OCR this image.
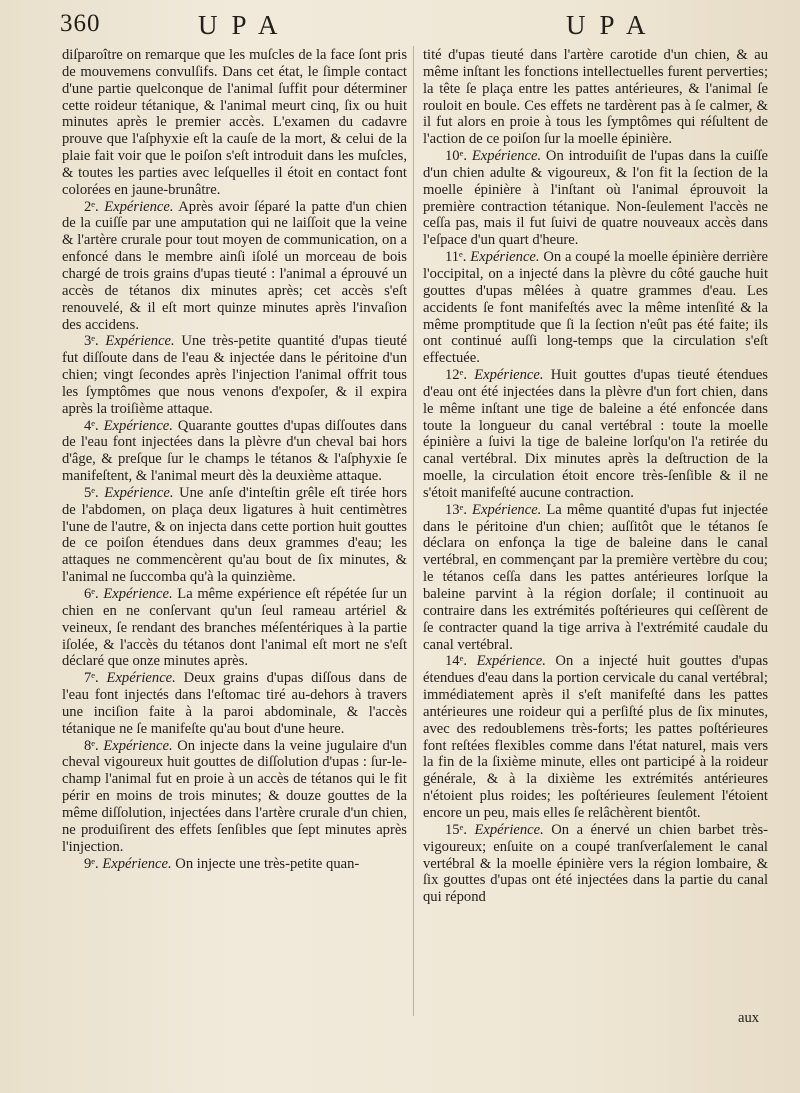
360	UPA	UPA

diſparoître on remarque que les muſcles de la face ſont pris de mouvemens convulſifs. Dans cet état, le ſimple contact d'une partie quelconque de l'animal ſuffit pour déterminer cette roideur tétanique, & l'animal meurt cinq, ſix ou huit minutes après le premier accès. L'examen du cadavre prouve que l'aſphyxie eſt la cauſe de la mort, & celui de la plaie fait voir que le poiſon s'eſt introduit dans les muſcles, & toutes les parties avec leſquelles il étoit en contact font colorées en jaune-brunâtre.

2ᵉ. Expérience. Après avoir ſéparé la patte d'un chien de la cuiſſe par une amputation qui ne laiſſoit que la veine & l'artère crurale pour tout moyen de communication, on a enfoncé dans le membre ainſi iſolé un morceau de bois chargé de trois grains d'upas tieuté : l'animal a éprouvé un accès de tétanos dix minutes après; cet accès s'eſt renouvelé, & il eſt mort quinze minutes après l'invaſion des accidens.

3ᵉ. Expérience. Une très-petite quantité d'upas tieuté fut diſſoute dans de l'eau & injectée dans le péritoine d'un chien; vingt ſecondes après l'injection l'animal offrit tous les ſymptômes que nous venons d'expoſer, & il expira après la troiſième attaque.

4ᵉ. Expérience. Quarante gouttes d'upas diſſoutes dans de l'eau font injectées dans la plèvre d'un cheval bai hors d'âge, & preſque ſur le champs le tétanos & l'aſphyxie ſe manifeſtent, & l'animal meurt dès la deuxième attaque.

5ᵉ. Expérience. Une anſe d'inteſtin grêle eſt tirée hors de l'abdomen, on plaça deux ligatures à huit centimètres l'une de l'autre, & on injecta dans cette portion huit gouttes de ce poiſon étendues dans deux grammes d'eau; les attaques ne commencèrent qu'au bout de ſix minutes, & l'animal ne ſuccomba qu'à la quinzième.

6ᵉ. Expérience. La même expérience eſt répétée ſur un chien en ne conſervant qu'un ſeul rameau artériel & veineux, ſe rendant des branches méſentériques à la partie iſolée, & l'accès du tétanos dont l'animal eſt mort ne s'eſt déclaré que onze minutes après.

7ᵉ. Expérience. Deux grains d'upas diſſous dans de l'eau font injectés dans l'eſtomac tiré au-dehors à travers une inciſion faite à la paroi abdominale, & l'accès tétanique ne ſe manifeſte qu'au bout d'une heure.

8ᵉ. Expérience. On injecte dans la veine jugulaire d'un cheval vigoureux huit gouttes de diſſolution d'upas : ſur-le-champ l'animal fut en proie à un accès de tétanos qui le fit périr en moins de trois minutes; & douze gouttes de la même diſſolution, injectées dans l'artère crurale d'un chien, ne produiſirent des effets ſenſibles que ſept minutes après l'injection.

9ᵉ. Expérience. On injecte une très-petite quan-

tité d'upas tieuté dans l'artère carotide d'un chien, & au même inſtant les fonctions intellectuelles furent perverties; la tête ſe plaça entre les pattes antérieures, & l'animal ſe rouloit en boule. Ces effets ne tardèrent pas à ſe calmer, & il fut alors en proie à tous les ſymptômes qui réſultent de l'action de ce poiſon ſur la moelle épinière.

10ᵉ. Expérience. On introduiſit de l'upas dans la cuiſſe d'un chien adulte & vigoureux, & l'on fit la ſection de la moelle épinière à l'inſtant où l'animal éprouvoit la première contraction tétanique. Non-ſeulement l'accès ne ceſſa pas, mais il fut ſuivi de quatre nouveaux accès dans l'eſpace d'un quart d'heure.

11ᵉ. Expérience. On a coupé la moelle épinière derrière l'occipital, on a injecté dans la plèvre du côté gauche huit gouttes d'upas mêlées à quatre grammes d'eau. Les accidents ſe font manifeſtés avec la même intenſité & la même promptitude que ſi la ſection n'eût pas été faite; ils ont continué auſſi long-temps que la circulation s'eſt effectuée.

12ᵉ. Expérience. Huit gouttes d'upas tieuté étendues d'eau ont été injectées dans la plèvre d'un fort chien, dans le même inſtant une tige de baleine a été enfoncée dans toute la longueur du canal vertébral : toute la moelle épinière a ſuivi la tige de baleine lorſqu'on l'a retirée du canal vertébral. Dix minutes après la deſtruction de la moelle, la circulation étoit encore très-ſenſible & il ne s'étoit manifeſté aucune contraction.

13ᵉ. Expérience. La même quantité d'upas fut injectée dans le péritoine d'un chien; auſſitôt que le tétanos ſe déclara on enfonça la tige de baleine dans le canal vertébral, en commençant par la première vertèbre du cou; le tétanos ceſſa dans les pattes antérieures lorſque la baleine parvint à la région dorſale; il continuoit au contraire dans les extrémités poſtérieures qui ceſſèrent de ſe contracter quand la tige arriva à l'extrémité caudale du canal vertébral.

14ᵉ. Expérience. On a injecté huit gouttes d'upas étendues d'eau dans la portion cervicale du canal vertébral; immédiatement après il s'eſt manifeſté dans les pattes antérieures une roideur qui a perſiſté plus de ſix minutes, avec des redoublemens très-forts; les pattes poſtérieures font reſtées flexibles comme dans l'état naturel, mais vers la fin de la ſixième minute, elles ont participé à la roideur générale, & à la dixième les extrémités antérieures n'étoient plus roides; les poſtérieures ſeulement l'étoient encore un peu, mais elles ſe relâchèrent bientôt.

15ᵉ. Expérience. On a énervé un chien barbet très-vigoureux; enſuite on a coupé tranſverſalement le canal vertébral & la moelle épinière vers la région lombaire, & ſix gouttes d'upas ont été injectées dans la partie du canal qui répond

aux
